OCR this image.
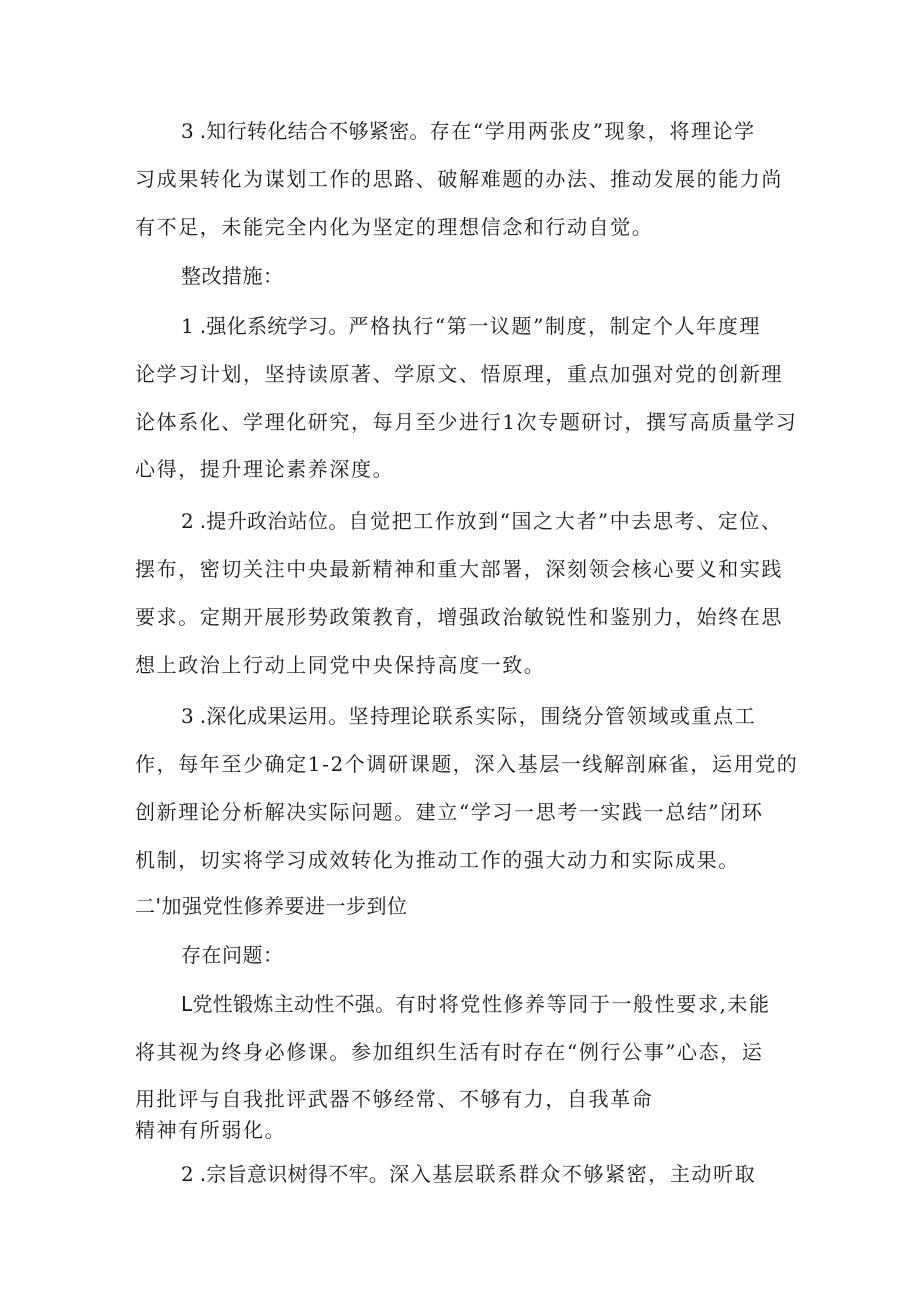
3.知行转化结合不够紧密。存在“学用两张皮”现象，将理论学
习成果转化为谋划工作的思路、破解难题的办法、推动发展的能力尚
有不足，未能完全内化为坚定的理想信念和行动自觉。
整改措施：
1.强化系统学习。严格执行“第一议题”制度，制定个人年度理
论学习计划，坚持读原著、学原文、悟原理，重点加强对党的创新理
论体系化、学理化研究，每月至少进行1次专题研讨，撰写高质量学习
心得，提升理论素养深度。
2.提升政治站位。自觉把工作放到“国之大者”中去思考、定位、
摆布，密切关注中央最新精神和重大部署，深刻领会核心要义和实践
要求。定期开展形势政策教育，增强政治敏锐性和鉴别力，始终在思
想上政治上行动上同党中央保持高度一致。
3.深化成果运用。坚持理论联系实际，围绕分管领域或重点工
作，每年至少确定1-2个调研课题，深入基层一线解剖麻雀，运用党的
创新理论分析解决实际问题。建立“学习一思考一实践一总结”闭环
机制，切实将学习成效转化为推动工作的强大动力和实际成果。
二'加强党性修养要进一步到位
存在问题：
L党性锻炼主动性不强。有时将党性修养等同于一般性要求,未能
将其视为终身必修课。参加组织生活有时存在“例行公事”心态，运
用批评与自我批评武器不够经常、不够有力，自我革命
精神有所弱化。
2.宗旨意识树得不牢。深入基层联系群众不够紧密，主动听取
